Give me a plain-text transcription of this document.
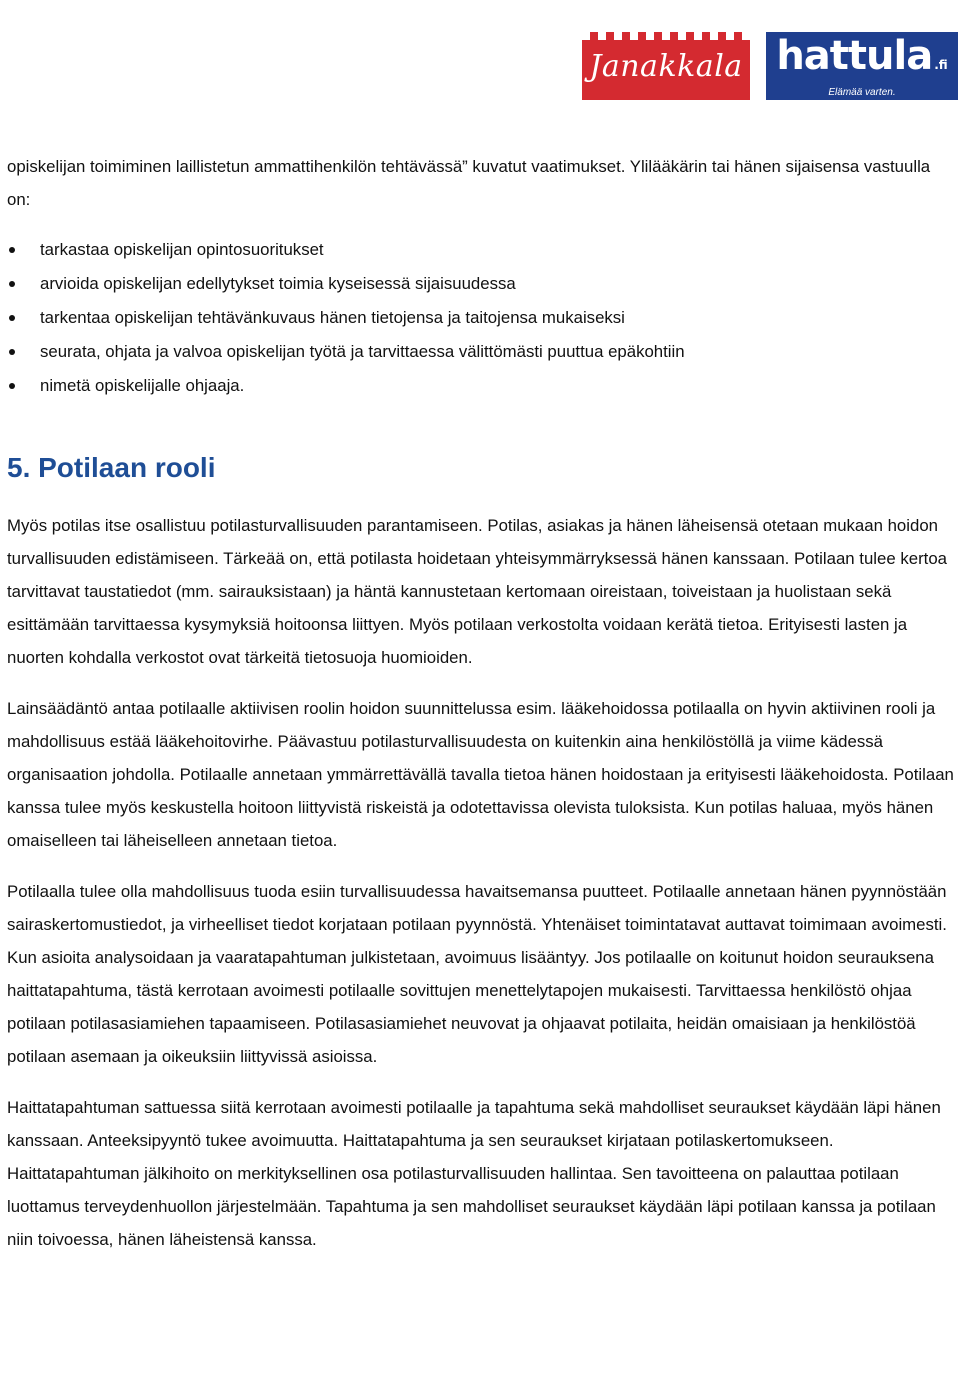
Janakkala hattula .fi
Elämää varten.

opiskelijan toimiminen laillistetun ammattihenkilön tehtävässä” kuvatut vaatimukset. Ylilääkärin tai hänen sijaisensa vastuulla on:

tarkastaa opiskelijan opintosuoritukset
arvioida opiskelijan edellytykset toimia kyseisessä sijaisuudessa
tarkentaa opiskelijan tehtävänkuvaus hänen tietojensa ja taitojensa mukaiseksi
seurata, ohjata ja valvoa opiskelijan työtä ja tarvittaessa välittömästi puuttua epäkohtiin
nimetä opiskelijalle ohjaaja.
5. Potilaan rooli

Myös potilas itse osallistuu potilasturvallisuuden parantamiseen. Potilas, asiakas ja hänen läheisensä otetaan mukaan hoidon turvallisuuden edistämiseen. Tärkeää on, että potilasta hoidetaan yhteisymmärryksessä hänen kanssaan. Potilaan tulee kertoa tarvittavat taustatiedot (mm. sairauksistaan) ja häntä kannustetaan kertomaan oireistaan, toiveistaan ja huolistaan sekä esittämään tarvittaessa kysymyksiä hoitoonsa liittyen. Myös potilaan verkostolta voidaan kerätä tietoa. Erityisesti lasten ja nuorten kohdalla verkostot ovat tärkeitä tietosuoja huomioiden.

Lainsäädäntö antaa potilaalle aktiivisen roolin hoidon suunnittelussa esim. lääkehoidossa potilaalla on hyvin aktiivinen rooli ja mahdollisuus estää lääkehoitovirhe. Päävastuu potilasturvallisuudesta on kuitenkin aina henkilöstöllä ja viime kädessä organisaation johdolla. Potilaalle annetaan ymmärrettävällä tavalla tietoa hänen hoidostaan ja erityisesti lääkehoidosta. Potilaan kanssa tulee myös keskustella hoitoon liittyvistä riskeistä ja odotettavissa olevista tuloksista. Kun potilas haluaa, myös hänen omaiselleen tai läheiselleen annetaan tietoa.

Potilaalla tulee olla mahdollisuus tuoda esiin turvallisuudessa havaitsemansa puutteet. Potilaalle annetaan hänen pyynnöstään sairaskertomustiedot, ja virheelliset tiedot korjataan potilaan pyynnöstä. Yhtenäiset toimintatavat auttavat toimimaan avoimesti. Kun asioita analysoidaan ja vaaratapahtuman julkistetaan, avoimuus lisääntyy. Jos potilaalle on koitunut hoidon seurauksena haittatapahtuma, tästä kerrotaan avoimesti potilaalle sovittujen menettelytapojen mukaisesti. Tarvittaessa henkilöstö ohjaa potilaan potilasasiamiehen tapaamiseen. Potilasasiamiehet neuvovat ja ohjaavat potilaita, heidän omaisiaan ja henkilöstöä potilaan asemaan ja oikeuksiin liittyvissä asioissa.

Haittatapahtuman sattuessa siitä kerrotaan avoimesti potilaalle ja tapahtuma sekä mahdolliset seuraukset käydään läpi hänen kanssaan. Anteeksipyyntö tukee avoimuutta. Haittatapahtuma ja sen seuraukset kirjataan potilaskertomukseen. Haittatapahtuman jälkihoito on merkityksellinen osa potilasturvallisuuden hallintaa. Sen tavoitteena on palauttaa potilaan luottamus terveydenhuollon järjestelmään. Tapahtuma ja sen mahdolliset seuraukset käydään läpi potilaan kanssa ja potilaan niin toivoessa, hänen läheistensä kanssa.
